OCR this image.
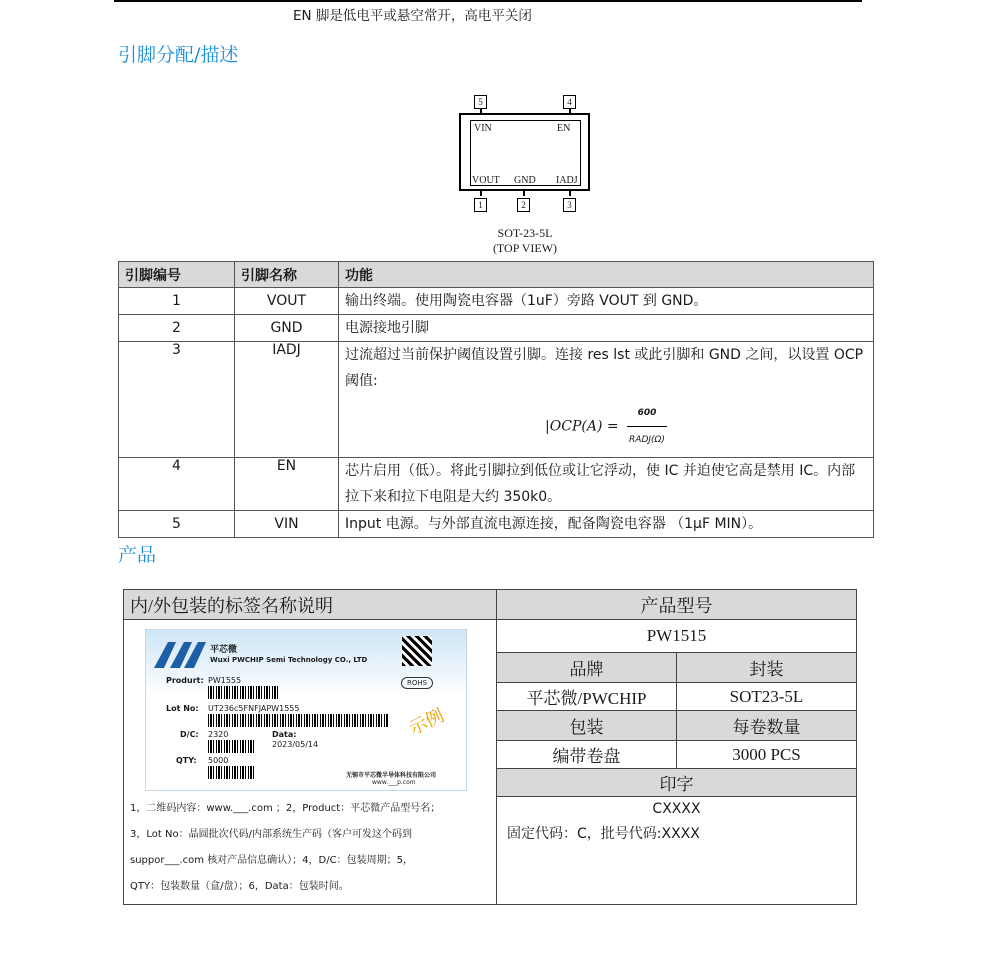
EN 脚是低电平或悬空常开，高电平关闭
引脚分配/描述
5	4
VIN	EN
VOUT GND IADJ
1	2	3
SOT-23-5L
(TOP VIEW)
引脚编号	引脚名称	功能
1	VOUT	输出终端。使用陶瓷电容器（1uF）旁路 VOUT 到 GND。
2	GND	电源接地引脚
3	IADJ	过流超过当前保护阈值设置引脚。连接 res lst 或此引脚和 GND 之间，以设置 OCP 阈值:
$|OCP(A) = \frac{600}{\text{RADJ(Ω)}}$

4	EN	芯片启用（低）。将此引脚拉到低位或让它浮动，使 IC 并迫使它高是禁用 IC。内部拉下来和拉下电阻是大约 350k0。
5	VIN	Input 电源。与外部直流电源连接，配备陶瓷电容器 （1μF MIN）。
产品
内/外包装的标签名称说明	产品型号	

1，二维码内容：www.___.com ；2，Product：平芯微产品型号名；
3，Lot No：晶圆批次代码/内部系统生产码（客户可发这个码到
suppor___.com 核对产品信息确认）；4，D/C：包装周期；5，
QTY：包装数量（盒/盘）；6，Data：包装时间。	PW1515	
	品牌	封装
	平芯微/PWCHIP	SOT23-5L
	包装	每卷数量
	编带卷盘	3000 PCS
	印字	

	CXXXX
固定代码：C，批号代码:XXXX	
平芯微
Wuxi PWCHIP Semi Technology CO., LTD
Produrt: PW1555	ROHS
Lot No: UT236c5FNFJAPW1555	示例
D/C: 2320	Data:
2023/05/14
QTY: 5000
无锡市平芯微半导体科技有限公司
www.___p.com
